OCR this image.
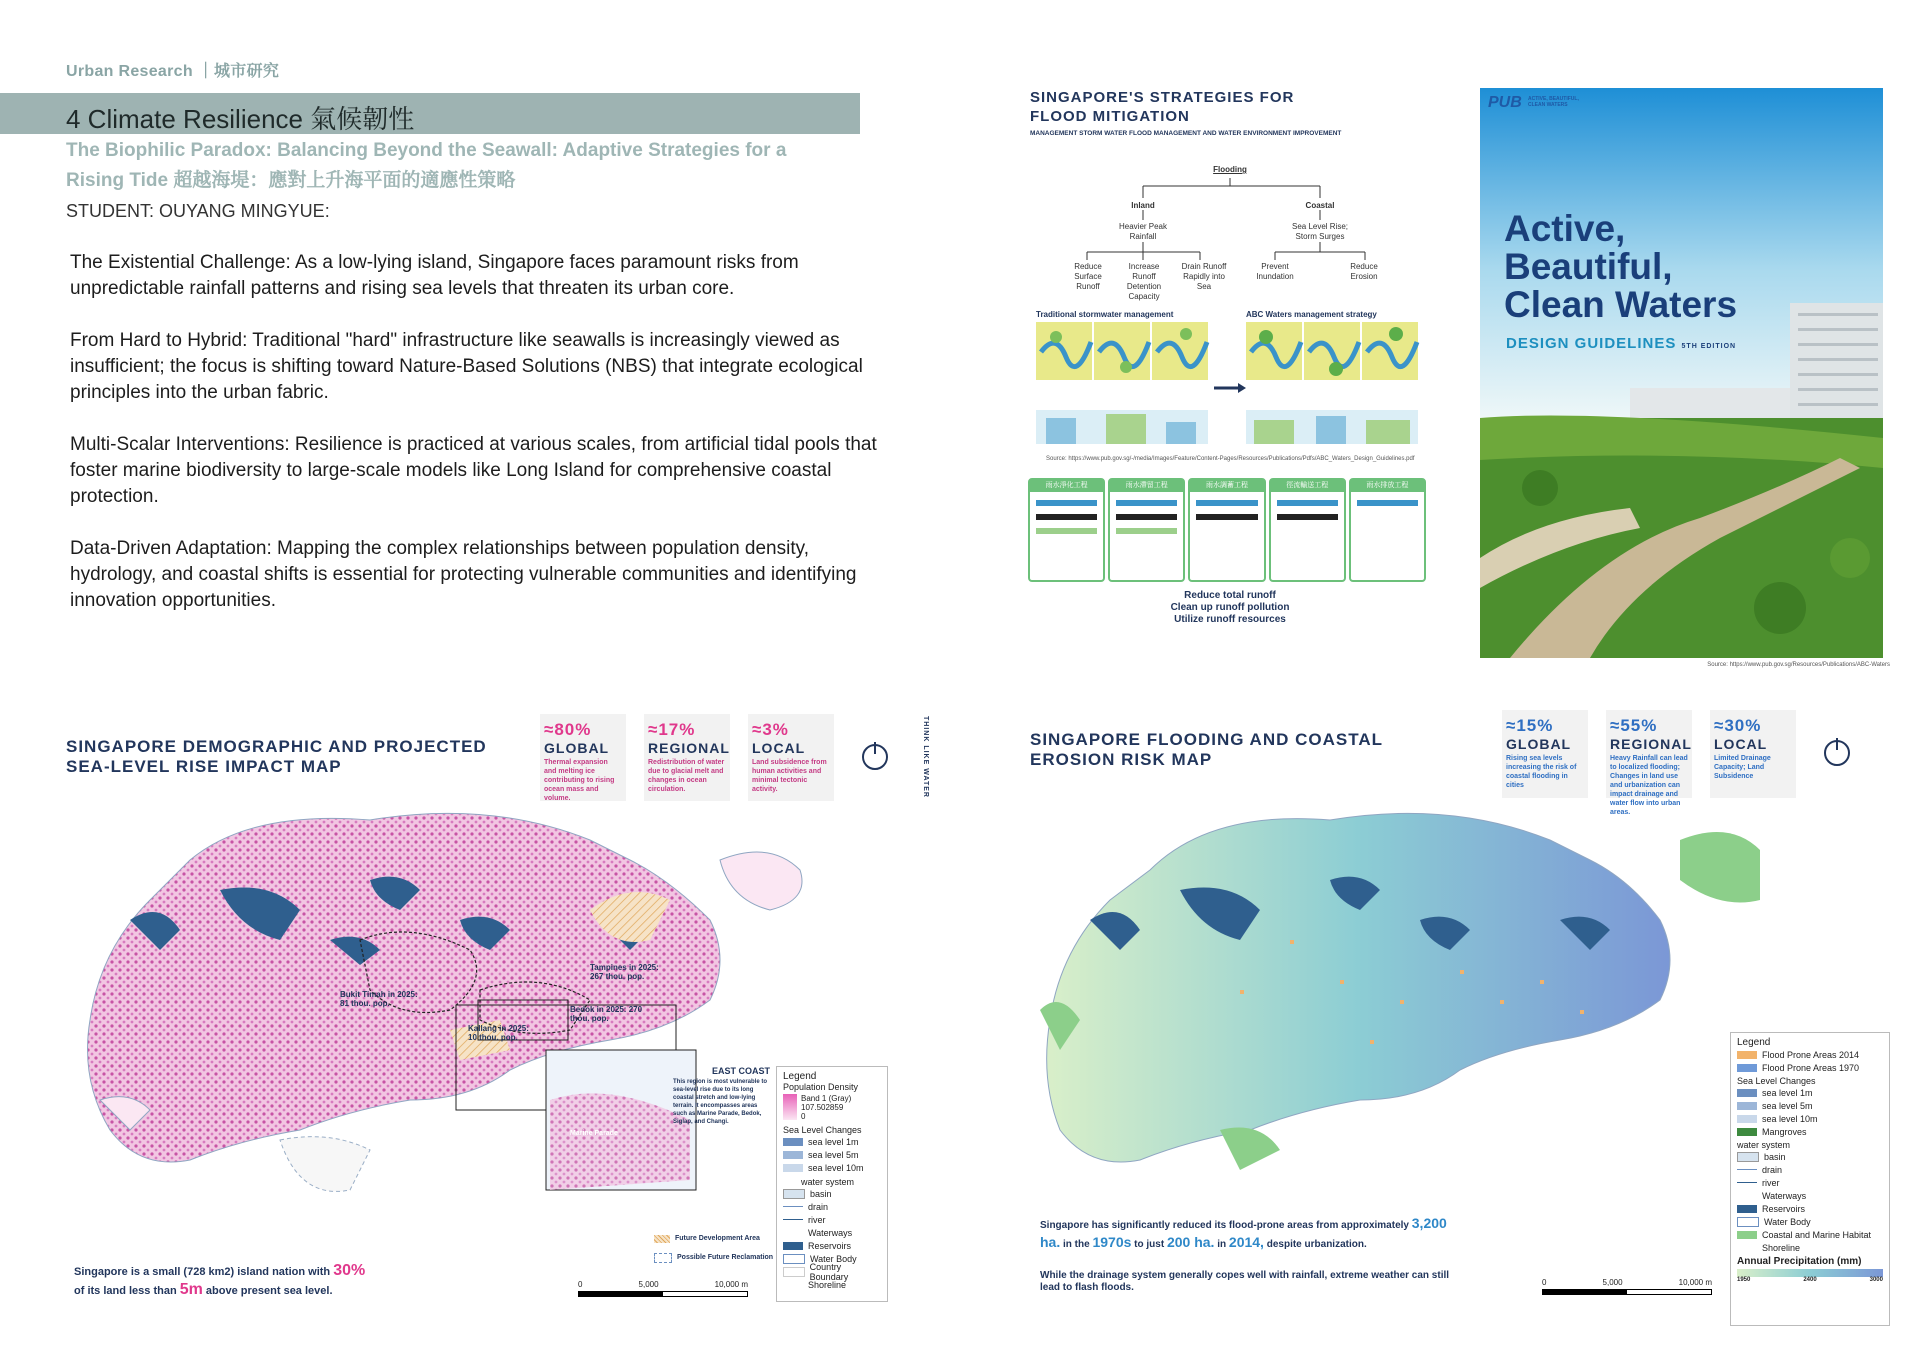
Urban Research ｜城市研究
4 Climate Resilience 氣候韌性
The Biophilic Paradox: Balancing Beyond the Seawall: Adaptive Strategies for a Rising Tide 超越海堤：應對上升海平面的適應性策略
STUDENT: OUYANG MINGYUE:
The Existential Challenge: As a low-lying island, Singapore faces paramount risks from unpredictable rainfall patterns and rising sea levels that threaten its urban core.
From Hard to Hybrid: Traditional "hard" infrastructure like seawalls is increasingly viewed as insufficient; the focus is shifting toward Nature-Based Solutions (NBS) that integrate ecological principles into the urban fabric.
Multi-Scalar Interventions: Resilience is practiced at various scales, from artificial tidal pools that foster marine biodiversity to large-scale models like Long Island for comprehensive coastal protection.
Data-Driven Adaptation: Mapping the complex relationships between population density, hydrology, and coastal shifts is essential for protecting vulnerable communities and identifying innovation opportunities.
SINGAPORE'S STRATEGIES FOR
FLOOD MITIGATION
MANAGEMENT STORM WATER FLOOD MANAGEMENT AND WATER ENVIRONMENT IMPROVEMENT
Flooding
Inland	Coastal
Heavier Peak Rainfall
Sea Level Rise; Storm Surges
Reduce Surface Runoff
Increase Runoff Detention Capacity
Drain Runoff Rapidly into Sea
Prevent Inundation
Reduce Erosion
Traditional stormwater management	ABC Waters management strategy
Source: https://www.pub.gov.sg/-/media/Images/Feature/Content-Pages/Resources/Publications/Pdfs/ABC_Waters_Design_Guidelines.pdf
雨水淨化工程	雨水滯留工程	雨水調蓄工程	徑流輸送工程	雨水排放工程
Reduce total runoff
Clean up runoff pollution
Utilize runoff resources
PUB ACTIVE, BEAUTIFUL, CLEAN WATERS
Active,
Beautiful,
Clean Waters
DESIGN GUIDELINES 5TH EDITION
Source: https://www.pub.gov.sg/Resources/Publications/ABC-Waters
SINGAPORE DEMOGRAPHIC AND PROJECTED
SEA-LEVEL RISE IMPACT MAP
≈80%
GLOBAL
Thermal expansion and melting ice contributing to rising ocean mass and volume.
≈17%
REGIONAL
Redistribution of water due to glacial melt and changes in ocean circulation.
≈3%
LOCAL
Land subsidence from human activities and minimal tectonic activity.	THINK LIKE WATER
Bukit Timah in 2025: 81 thou. pop.
Tampines in 2025: 267 thou. pop.
Bedok in 2025: 270 thou. pop.
Kallang in 2025: 10 thou. pop.
Marine Parade
EAST COAST
This region is most vulnerable to sea-level rise due to its long coastal stretch and low-lying terrain. It encompasses areas such as Marine Parade, Bedok, Siglap, and Changi.
Legend
Population Density
Band 1 (Gray)
107.502859
0
Sea Level Changes
sea level 1m
sea level 5m
sea level 10m
water system
basin
drain
river
Waterways
Reservoirs
Water Body
Country Boundary
Shoreline
Future Development Area
Possible Future Reclamation
Singapore is a small (728 km2) island nation with 30%
of its land less than 5m above present sea level.
0	5,000	10,000 m
SINGAPORE FLOODING AND COASTAL
EROSION RISK MAP
≈15%
GLOBAL
Rising sea levels increasing the risk of coastal flooding in cities
≈55%
REGIONAL
Heavy Rainfall can lead to localized flooding; Changes in land use and urbanization can impact drainage and water flow into urban areas.
≈30%
LOCAL
Limited Drainage Capacity; Land Subsidence
Legend
Flood Prone Areas 2014
Flood Prone Areas 1970
Sea Level Changes
sea level 1m
sea level 5m
sea level 10m
Mangroves
water system
basin
drain
river
Waterways
Reservoirs
Water Body
Coastal and Marine Habitat
Shoreline
Annual Precipitation (mm)
1950	2400	3000
0	5,000	10,000 m
Singapore has significantly reduced its flood-prone areas from approximately 3,200 ha. in the 1970s to just 200 ha. in 2014, despite urbanization.
While the drainage system generally copes well with rainfall, extreme weather can still lead to flash floods.
